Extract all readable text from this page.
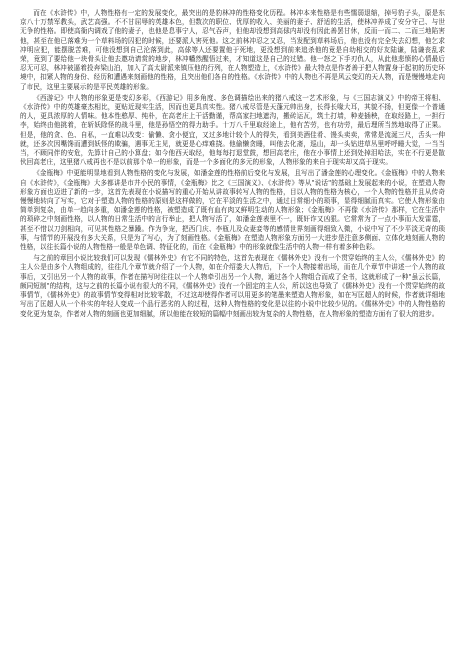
而在《水浒传》中，人物性格有一定的发展变化，最突出的是豹林冲的性格变化历程。林冲本来性格是有些懦弱退缩，掉号豹子头，原是东京八十万禁军教头，武艺高强。不不甘屈辱的英雄本色，但数次的职位、优厚的收入、美丽的妻子、舒适的生活，使林冲养成了安分守己、与世无争的性格。即使高衙内调戏了他的妻子，也他是息事宁人，忍气吞声，但他却没想到高俅内却没有因此善罢甘休，反而一而二、二而三地陷害他，甚至在他已落难为一个草料场的囚犯的时候，还要派人害死他。这之前林冲忍之又忍，当发配到草料场后，他也没有完全失去幻想，他乞求冲明应犯，能摆脱苦难，可他没想到自己沦落到此，高俅等人还要置他于死地，更没想到前来追杀他的竟是自幼相交的好友陆谦，陆谦丧乱求荣，竟到了要给他一块骨头让他去邀功请赏的地步，林冲幡然醒悟过来，才知道这是自己的过错。他一怒之下手刃仇人，从此他悲愤的心情最后忍无可忍，林冲被逼着投奔梁山泊，加入了高太尉派来镇压他的行列，在人物塑造上，《水浒传》最大特点是作者善于把人物置身于起初的历史环境中，扣紧人物的身份、经历和遭遇来刻画他的性格，且突出他们各自的性格。《水浒传》中的人物也不再是风云变幻的天人物，而是慢慢地走向了市民，这里主要展示的是平民英雄的形象。

《西游记》中人物的形象更是变幻多彩，《西游记》用多角度、多色调描绘出来的猪八戒这一艺术形象，与《三国志演义》中的帝王将相、《水浒传》中的英雄豪杰相比，更贴近现实生活，因而也更具真实性。猪八戒尽管是天蓬元帅出身，长得长喙大耳，其貌不扬，但更像一个普通的人，更具浓厚的人情味。他本性憨厚、纯朴，在高老庄上干活勤谨，帮高家扫地遮沟，搬砖运瓦，筑土打墙，种麦插秧，在取经路上，一担行李，始终由他挑着，在斩妖除怪的战斗里，他是孙悟空的得力助手。十万八千里取经途上，他有苦劳，也有功劳，最后理所当然地取得了正果。但是，他的贪、色、自私，一直难以改变：偷懒、贪小便宜，又过多地计较个人的得失，看到美酒佳肴、馒头卖卖，常常是流涎三尺，舌头一伸就，还多次因嘴馋而遭到妖怪的欺骗，遇事无主见，就更是心痒难挠。他偷懒贪睡，叫他去化斋，巡山，却一头钻进草丛里呼呼睡大觉，一当当当，不顾同伴的安危，先算计自己的小算盘；如今他西天取经，他每每打退堂鼓，想回高老庄，他在小事情上还到处掉泪哈法，实在不行更是散伙回高老庄，这里猪八戒再也不是以前那个单一的形象，而是一个多面化的多元的形象，人物形象的来自于现实却又高于现实。

《金瓶梅》中更能明显地看到人物性格的变化与发展，如潘金莲的性格前后变化与发展，且写出了潘金莲的心理变化。《金瓶梅》中的人物来自《水浒传》，《金瓶梅》大多都讲是市井小民的事情，《金瓶梅》比之《三国演义》、《水浒传》等从"说话"的基础上发展起来的小说，在塑造人物形象方面也迈进了新的一步，这首先表现在小说描写的重心开始从讲故事转写人物的性格，目以人物的性格为核心，一个人物的性格并且从传奇慢慢地转向了写实，它对于塑造人物的性格的原则是这样做的，它在平淡的生活之中，通过日常细小的琐事，显得细腻而真实。它使人物形象由简单到复杂，由单一趋向多重，如潘金莲的性格，被塑造成了既有血有肉又鲜明生动的人物形象；《金瓶梅》不再像《水浒传》那样，它在生活中的琐碎之中刻画性格，以人物的日常生活中的言行举止，把人物写活了，如潘金莲表里不一，既奸诈又凶狠。它常常为了一点小事而大发雷霆，甚至不惜以刀剑相向，可见其性格之暴躁。作为争宠，把西门庆、李瓶儿及众妻妾等的感情世界刻画得细致入微，小说中写了不少平淡无奇的琐事，与情节的开展没有多大关系，只是为了写心，为了刻画性格。《金瓶梅》在塑造人物形象方面另一大进步是注意多侧面、立体化地刻画人物的性格，以往长篇小说的人物性格一般是单色调、特征化的，而在《金瓶梅》中的形象就像生活中的人物一样有着多种色彩。

与之前的章回小说比较我们可以发现《儒林外史》有它不同的特色，这首先表现在《儒林外史》没有一个贯穿始终的主人公，《儒林外史》的主人公是由多个人物组成的，往往几个章节就介绍了一个人物，如在介绍娄大人物后，下一个人物接着出场，而在几个章节中讲述一个人物的故事后，又引出另一个人物的故事，作者在描写时往往以一个人物牵引出另一个人物，通过各个人物组合而成了全书，这就形成了一种"虽云长篇，颇同短制"的结构，这与之前的长篇小说有很大的不同，《儒林外史》没有一个固定的主人公，所以这也导致了《儒林外史》没有一个贯穿始终的故事情节，《儒林外史》的故事情节变得相对比较零散，不过这却使得作者可以用更多的笔墨来塑造人物形象，如在写匡超人的时候，作者就详细地写出了匡超人从一个朴实的年轻人变成一个品行恶劣的人的过程，这种人物性格的变化是以往的小说中比较少见的。《儒林外史》中的人物性格的变化更为复杂，作者对人物的刻画也更加细腻，所以他能在较短的篇幅中刻画出较为复杂的人物性格，在人物形象的塑造方面有了很大的进步。
